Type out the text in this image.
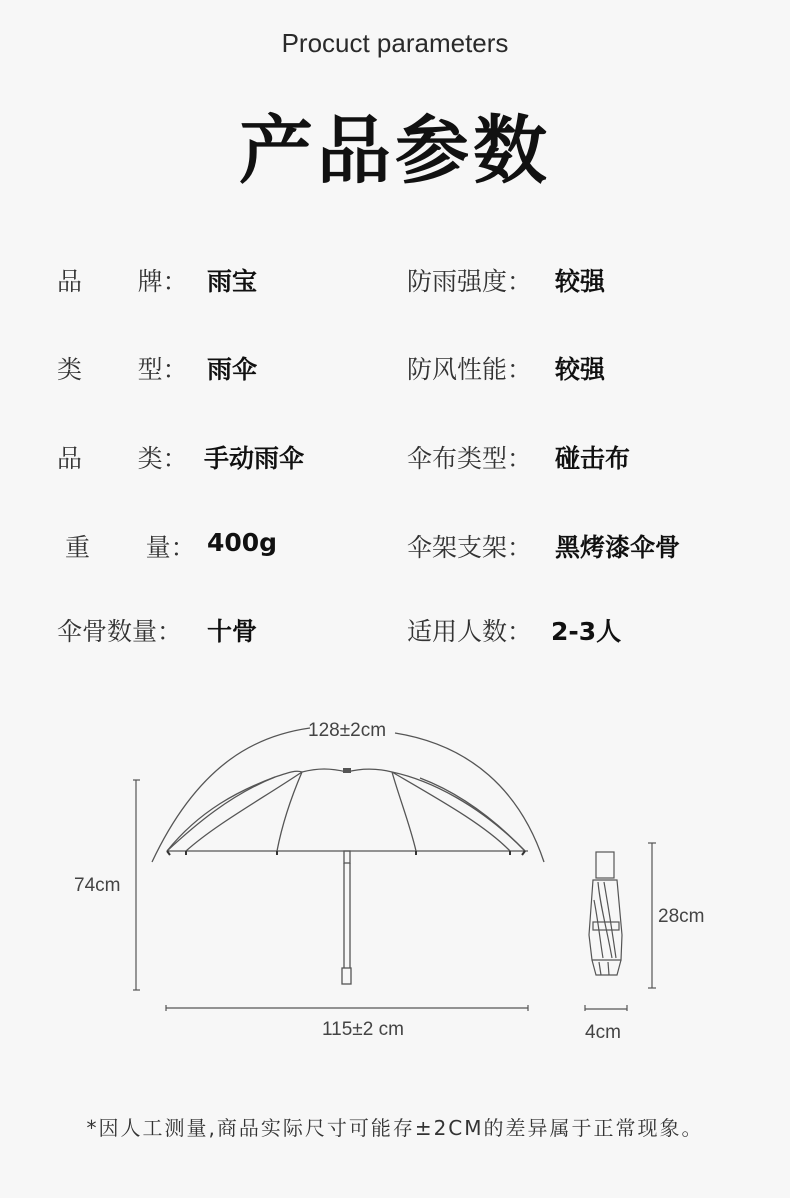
Procuct parameters
产品参数
品       牌： 雨宝	防雨强度： 较强
类       型： 雨伞	防风性能： 较强
品       类： 手动雨伞	伞布类型： 碰击布
重       量： 400g	伞架支架： 黑烤漆伞骨
伞骨数量： 十骨	适用人数： 2-3人
128±2cm
74cm
115±2 cm
28cm
4cm
*因人工测量,商品实际尺寸可能存±2CM的差异属于正常现象。
